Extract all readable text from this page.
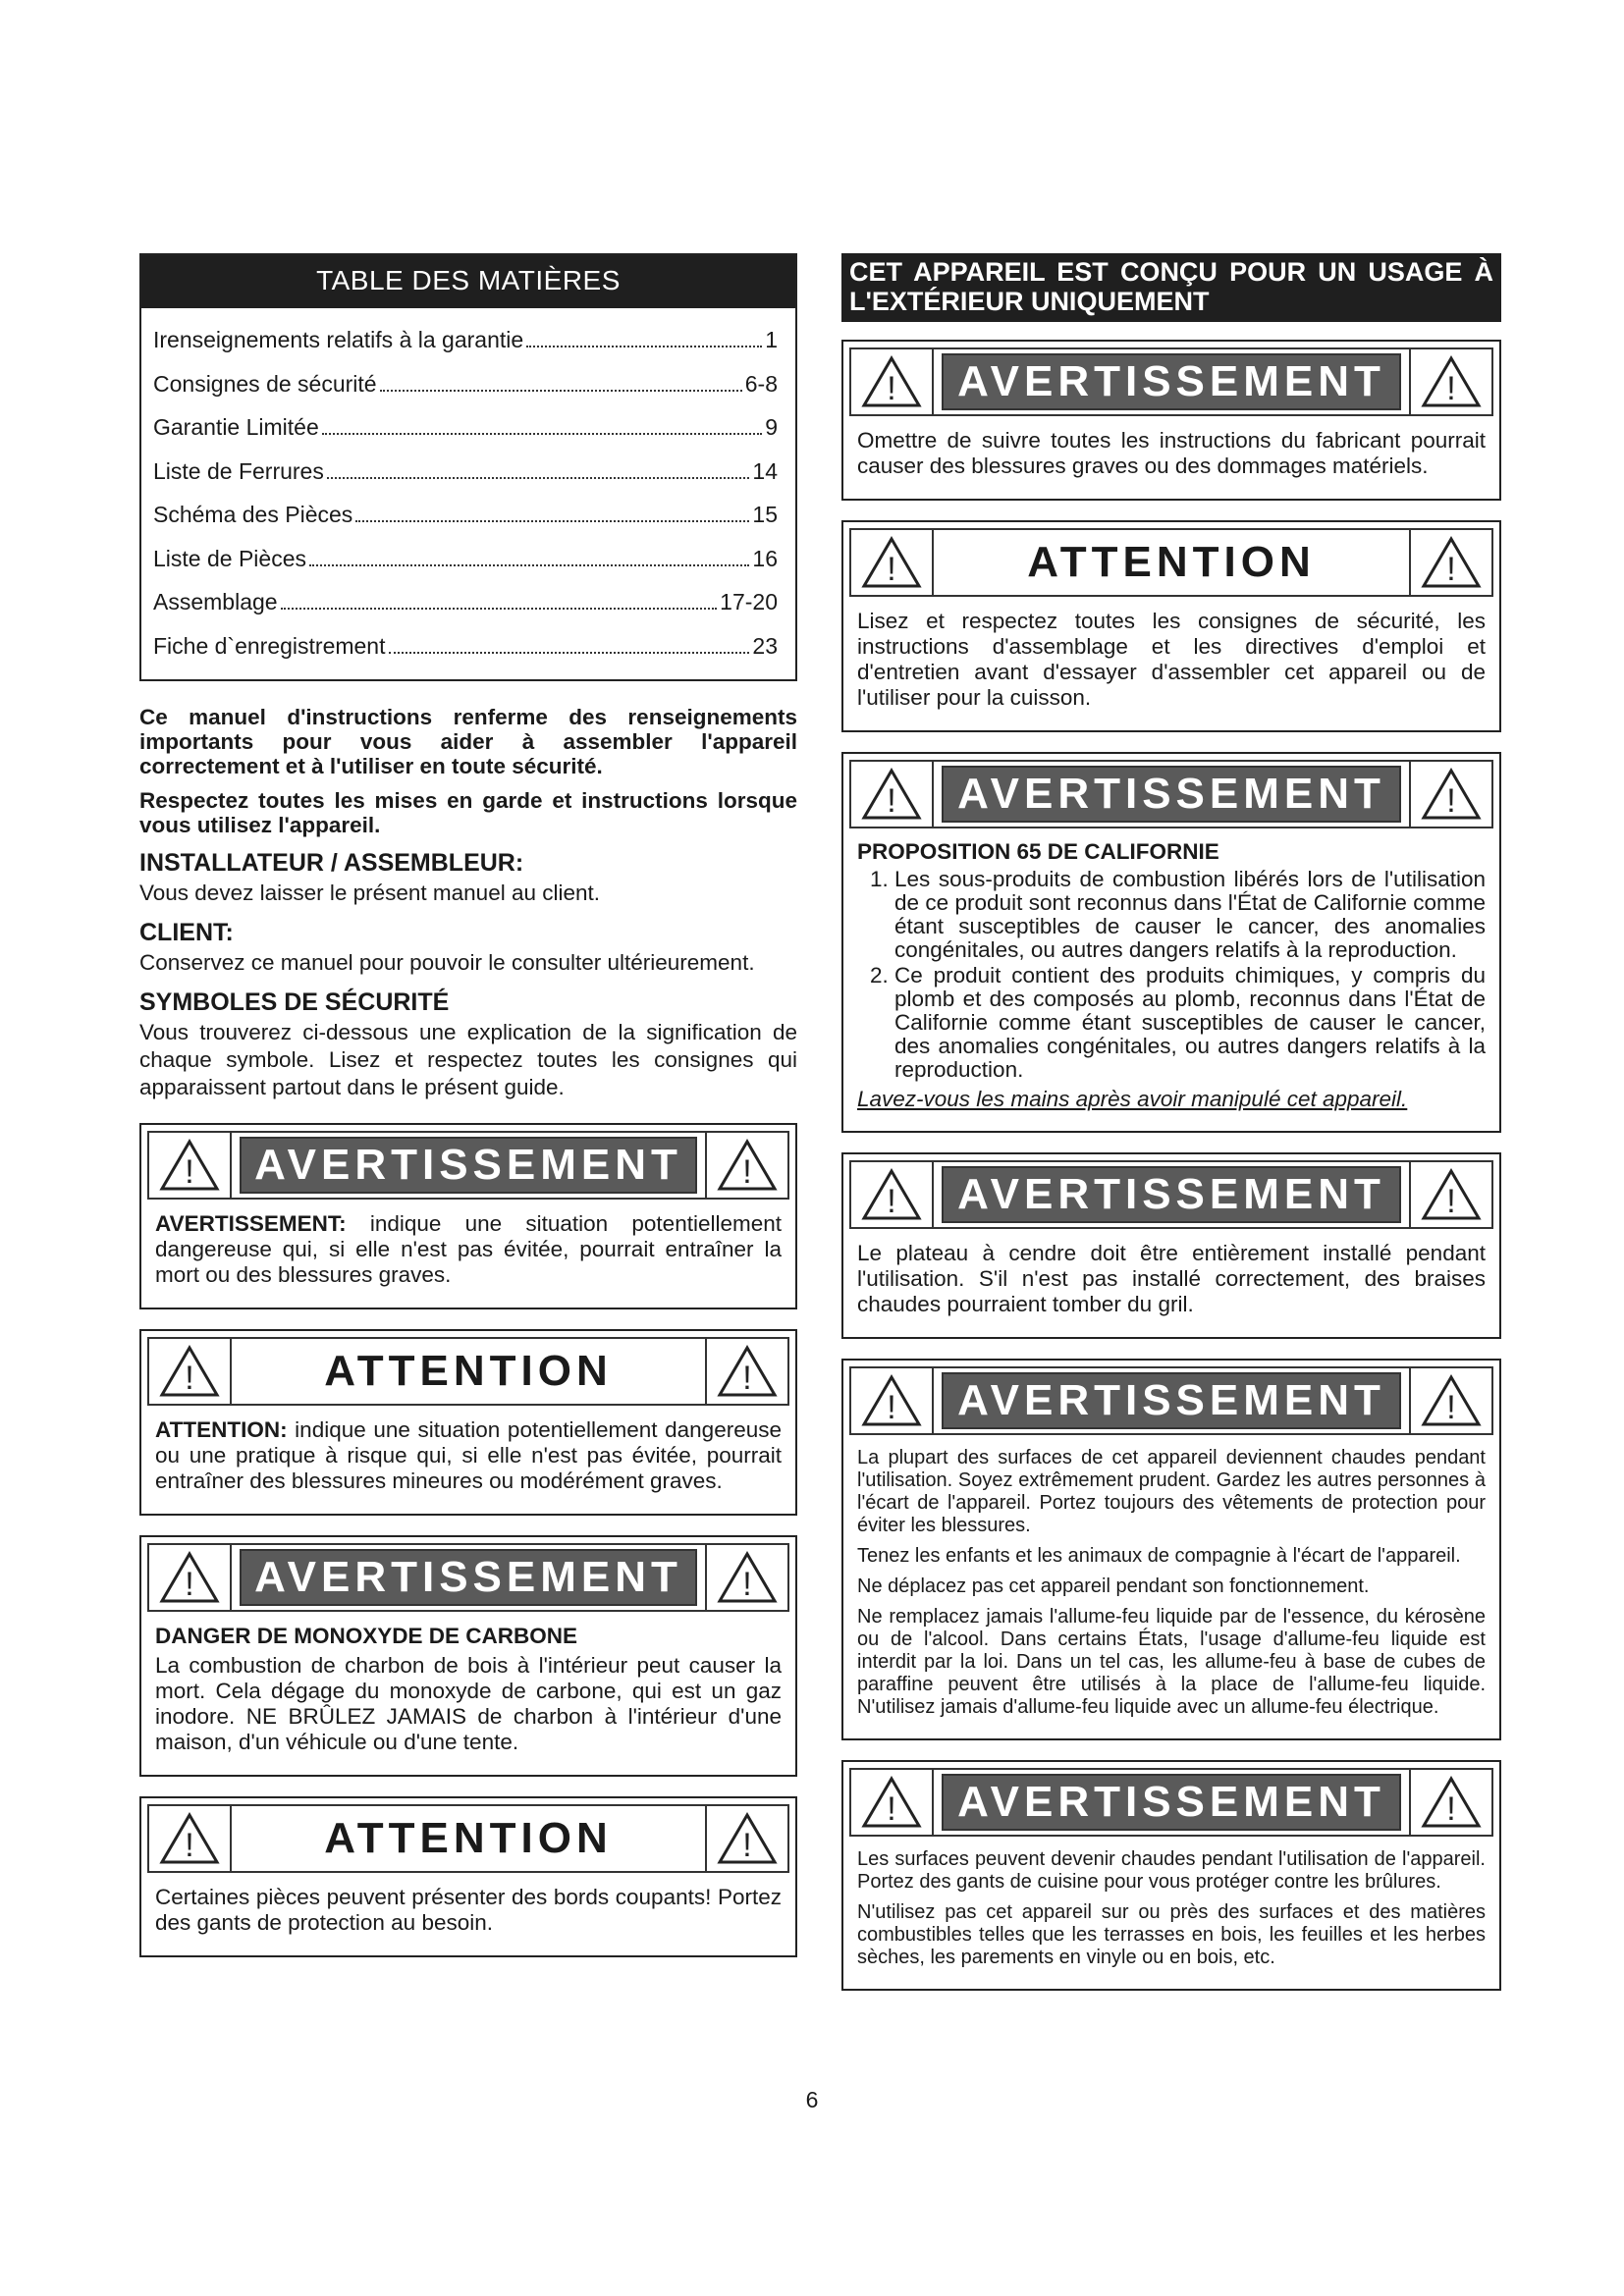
TABLE DES MATIÈRES
Irenseignements relatifs à la garantie	1
Consignes de sécurité	6-8
Garantie Limitée	9
Liste de Ferrures	14
Schéma des Pièces	15
Liste de Pièces	16
Assemblage	17-20
Fiche d`enregistrement	23

Ce manuel d'instructions renferme des renseignements importants pour vous aider à assembler l'appareil correctement et à l'utiliser en toute sécurité.

Respectez toutes les mises en garde et instructions lorsque vous utilisez l'appareil.

INSTALLATEUR / ASSEMBLEUR:

Vous devez laisser le présent manuel au client.

CLIENT:

Conservez ce manuel pour pouvoir le consulter ultérieurement.

SYMBOLES DE SÉCURITÉ

Vous trouverez ci-dessous une explication de la signification de chaque symbole. Lisez et respectez toutes les consignes qui apparaissent partout dans le présent guide.

!	AVERTISSEMENT	!

AVERTISSEMENT: indique une situation potentiellement dangereuse qui, si elle n'est pas évitée, pourrait entraîner la mort ou des blessures graves.

!	ATTENTION	!

ATTENTION: indique une situation potentiellement dangereuse ou une pratique à risque qui, si elle n'est pas évitée, pourrait entraîner des blessures mineures ou modérément graves.

!	AVERTISSEMENT	!
DANGER DE MONOXYDE DE CARBONE

La combustion de charbon de bois à l'intérieur peut causer la mort. Cela dégage du monoxyde de carbone, qui est un gaz inodore. NE BRÛLEZ JAMAIS de charbon à l'intérieur d'une maison, d'un véhicule ou d'une tente.

!	ATTENTION	!

Certaines pièces peuvent présenter des bords coupants! Portez des gants de protection au besoin.

CET APPAREIL EST CONÇU POUR UN USAGE À L'EXTÉRIEUR UNIQUEMENT
!	AVERTISSEMENT	!

Omettre de suivre toutes les instructions du fabricant pourrait causer des blessures graves ou des dommages matériels.

!	ATTENTION	!

Lisez et respectez toutes les consignes de sécurité, les instructions d'assemblage et les directives d'emploi et d'entretien avant d'essayer d'assembler cet appareil ou de l'utiliser pour la cuisson.

!	AVERTISSEMENT	!
PROPOSITION 65 DE CALIFORNIE
1. Les sous-produits de combustion libérés lors de l'utilisation de ce produit sont reconnus dans l'État de Californie comme étant susceptibles de causer le cancer, des anomalies congénitales, ou autres dangers relatifs à la reproduction.
2. Ce produit contient des produits chimiques, y compris du plomb et des composés au plomb, reconnus dans l'État de Californie comme étant susceptibles de causer le cancer, des anomalies congénitales, ou autres dangers relatifs à la reproduction.

Lavez-vous les mains après avoir manipulé cet appareil.

!	AVERTISSEMENT	!

Le plateau à cendre doit être entièrement installé pendant l'utilisation. S'il n'est pas installé correctement, des braises chaudes pourraient tomber du gril.

!	AVERTISSEMENT	!

La plupart des surfaces de cet appareil deviennent chaudes pendant l'utilisation. Soyez extrêmement prudent. Gardez les autres personnes à l'écart de l'appareil. Portez toujours des vêtements de protection pour éviter les blessures.

Tenez les enfants et les animaux de compagnie à l'écart de l'appareil.

Ne déplacez pas cet appareil pendant son fonctionnement.

Ne remplacez jamais l'allume-feu liquide par de l'essence, du kérosène ou de l'alcool. Dans certains États, l'usage d'allume-feu liquide est interdit par la loi. Dans un tel cas, les allume-feu à base de cubes de paraffine peuvent être utilisés à la place de l'allume-feu liquide. N'utilisez jamais d'allume-feu liquide avec un allume-feu électrique.

!	AVERTISSEMENT	!

Les surfaces peuvent devenir chaudes pendant l'utilisation de l'appareil. Portez des gants de cuisine pour vous protéger contre les brûlures.

N'utilisez pas cet appareil sur ou près des surfaces et des matières combustibles telles que les terrasses en bois, les feuilles et les herbes sèches, les parements en vinyle ou en bois, etc.

6
